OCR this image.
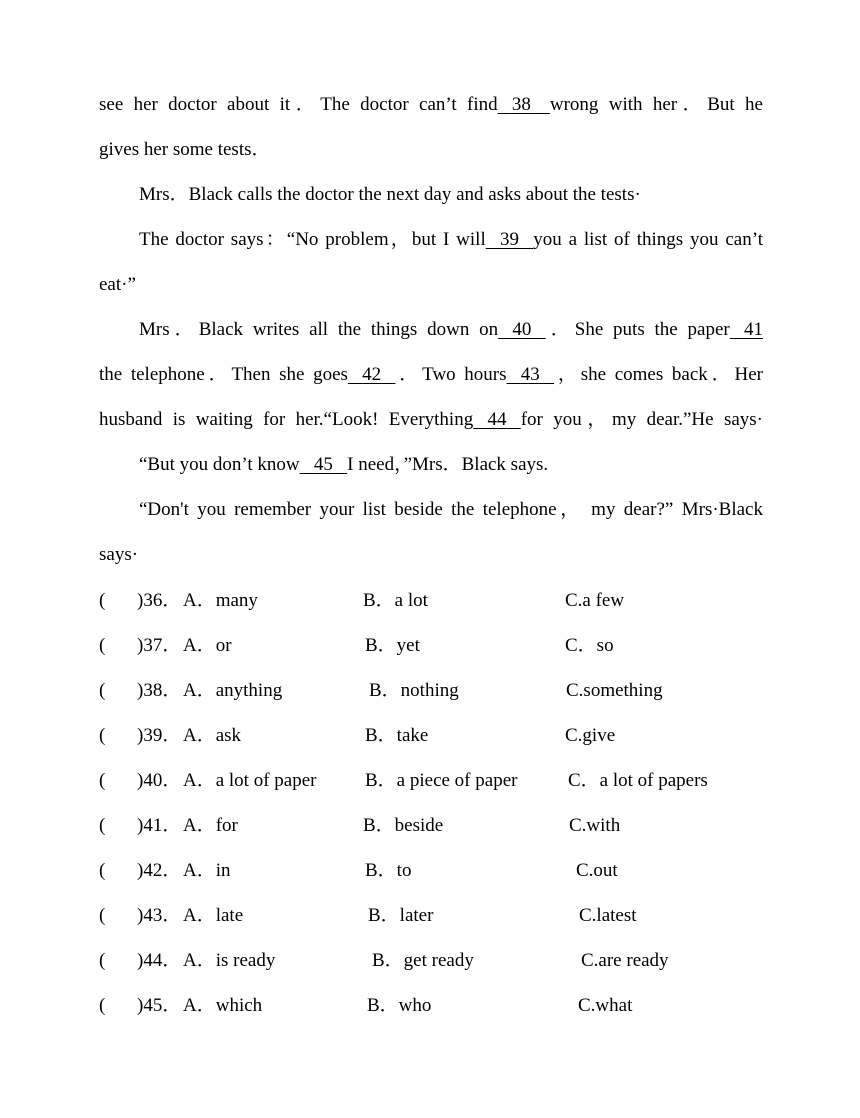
see her doctor about it．The doctor can’t find 38 wrong with her．But he
gives her some tests．
Mrs．Black calls the doctor the next day and asks about the tests·
The doctor says：“No problem，but I will 39 you a list of things you can’t
eat·”
Mrs．Black writes all the things down on 40 ．She puts the paper 41
the telephone．Then she goes 42 ．Two hours 43 ，she comes back．Her
husband is waiting for her.“Look! Everything 44 for you，my dear.”He says·
“But you don’t know 45 I need，”Mrs．Black says.
“Don't you remember your list beside the telephone， my dear?” Mrs·Black
says·
( )36． A．many	B．a lot	C.a few
( )37． A．or	B．yet	C．so
( )38． A．anything	B．nothing	C.something
( )39． A．ask	B．take	C.give
( )40． A．a lot of paper	B．a piece of paper	C．a lot of papers
( )41． A．for	B．beside	C.with
( )42． A．in	B．to	C.out
( )43． A．late	B．later	C.latest
( )44． A．is ready	B．get ready	C.are ready
( )45． A．which	B．who	C.what
